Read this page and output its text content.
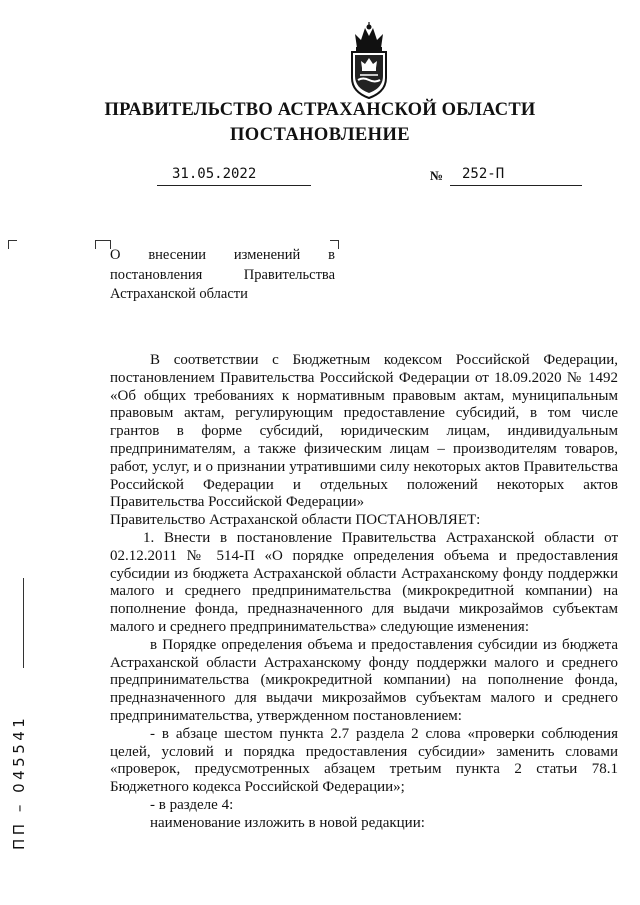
ПРАВИТЕЛЬСТВО АСТРАХАНСКОЙ ОБЛАСТИ
ПОСТАНОВЛЕНИЕ
31.05.2022	№	252-П
О внесении изменений в постановления Правительства Астраханской области

В соответствии с Бюджетным кодексом Российской Федерации, постановлением Правительства Российской Федерации от 18.09.2020 № 1492 «Об общих требованиях к нормативным правовым актам, муниципальным правовым актам, регулирующим предоставление субсидий, в том числе грантов в форме субсидий, юридическим лицам, индивидуальным предпринимателям, а также физическим лицам – производителям товаров, работ, услуг, и о признании утратившими силу некоторых актов Правительства Российской Федерации и отдельных положений некоторых актов Правительства Российской Федерации»

Правительство Астраханской области ПОСТАНОВЛЯЕТ:

1. Внести в постановление Правительства Астраханской области от 02.12.2011 № 514-П «О порядке определения объема и предоставления субсидии из бюджета Астраханской области Астраханскому фонду поддержки малого и среднего предпринимательства (микрокредитной компании) на пополнение фонда, предназначенного для выдачи микрозаймов субъектам малого и среднего предпринимательства» следующие изменения:

в Порядке определения объема и предоставления субсидии из бюджета Астраханской области Астраханскому фонду поддержки малого и среднего предпринимательства (микрокредитной компании) на пополнение фонда, предназначенного для выдачи микрозаймов субъектам малого и среднего предпринимательства, утвержденном постановлением:

- в абзаце шестом пункта 2.7 раздела 2 слова «проверки соблюдения целей, условий и порядка предоставления субсидии» заменить словами «проверок, предусмотренных абзацем третьим пункта 2 статьи 78.1 Бюджетного кодекса Российской Федерации»;

- в разделе 4:

наименование изложить в новой редакции:

ПП – 045541
